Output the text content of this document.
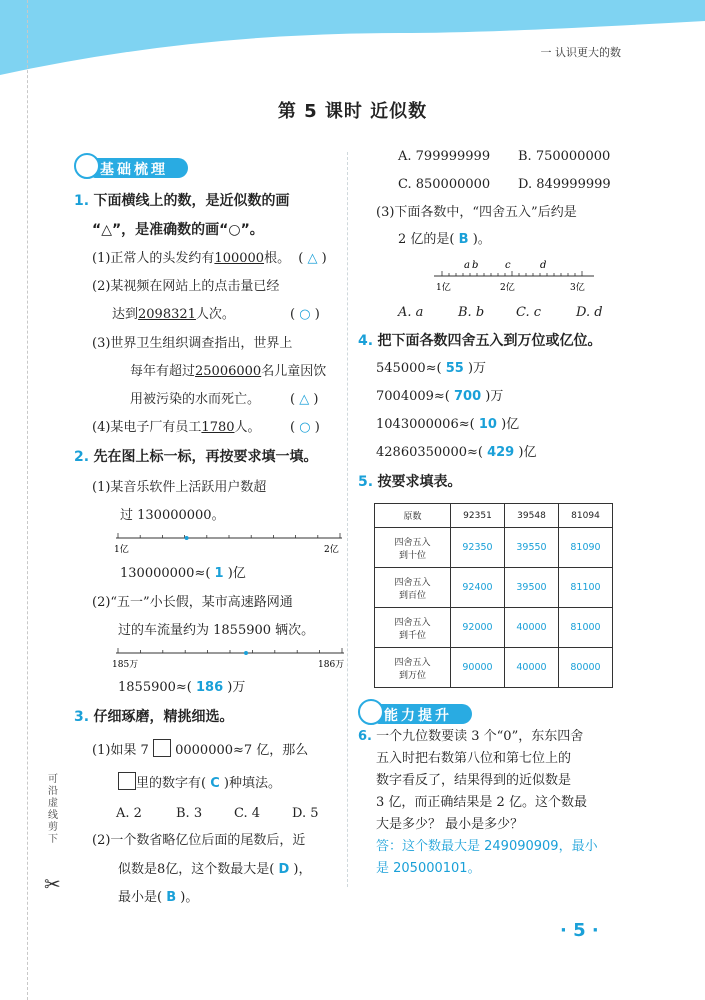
一 认识更大的数
第 5 课时 近似数
可沿虚线剪下
✂
基础梳理
1. 下面横线上的数，是近似数的画
“△”，是准确数的画“○”。
(1)正常人的头发约有100000根。 ( △ )
(2)某视频在网站上的点击量已经
达到2098321人次。	( ○ )
(3)世界卫生组织调查指出，世界上
每年有超过25006000名儿童因饮
用被污染的水而死亡。 ( △ )
(4)某电子厂有员工1780人。 ( ○ )
2. 先在图上标一标，再按要求填一填。
(1)某音乐软件上活跃用户数超
过 130000000。
1亿	2亿
130000000≈( 1 )亿
(2)“五一”小长假，某市高速路网通
过的车流量约为 1855900 辆次。
185万	186万
1855900≈( 186 )万
3. 仔细琢磨，精挑细选。
(1)如果 7 0000000≈7 亿，那么
里的数字有( C )种填法。
A. 2	B. 3 C. 4 D. 5
(2)一个数省略亿位后面的尾数后，近
似数是8亿，这个数最大是( D )，
最小是( B )。
A. 799999999 B. 750000000
C. 850000000 D. 849999999
(3)下面各数中，“四舍五入”后约是
2 亿的是( B )。
a b	c	d
1亿	2亿	3亿
A. a	B. b C. c	D. d
4. 把下面各数四舍五入到万位或亿位。
545000≈( 55 )万
7004009≈( 700 )万
1043000006≈( 10 )亿
42860350000≈( 429 )亿
5. 按要求填表。
原数	92351	39548	81094
四舍五入
到十位	92350	39550	81090
四舍五入
到百位	92400	39500	81100
四舍五入
到千位	92000	40000	81000
四舍五入
到万位	90000	40000	80000
能力提升
6. 一个九位数要读 3 个“0”，东东四舍
五入时把右数第八位和第七位上的
数字看反了，结果得到的近似数是
3 亿，而正确结果是 2 亿。这个数最
大是多少？ 最小是多少？
答：这个数最大是 249090909，最小
是 205000101。
· 5 ·
